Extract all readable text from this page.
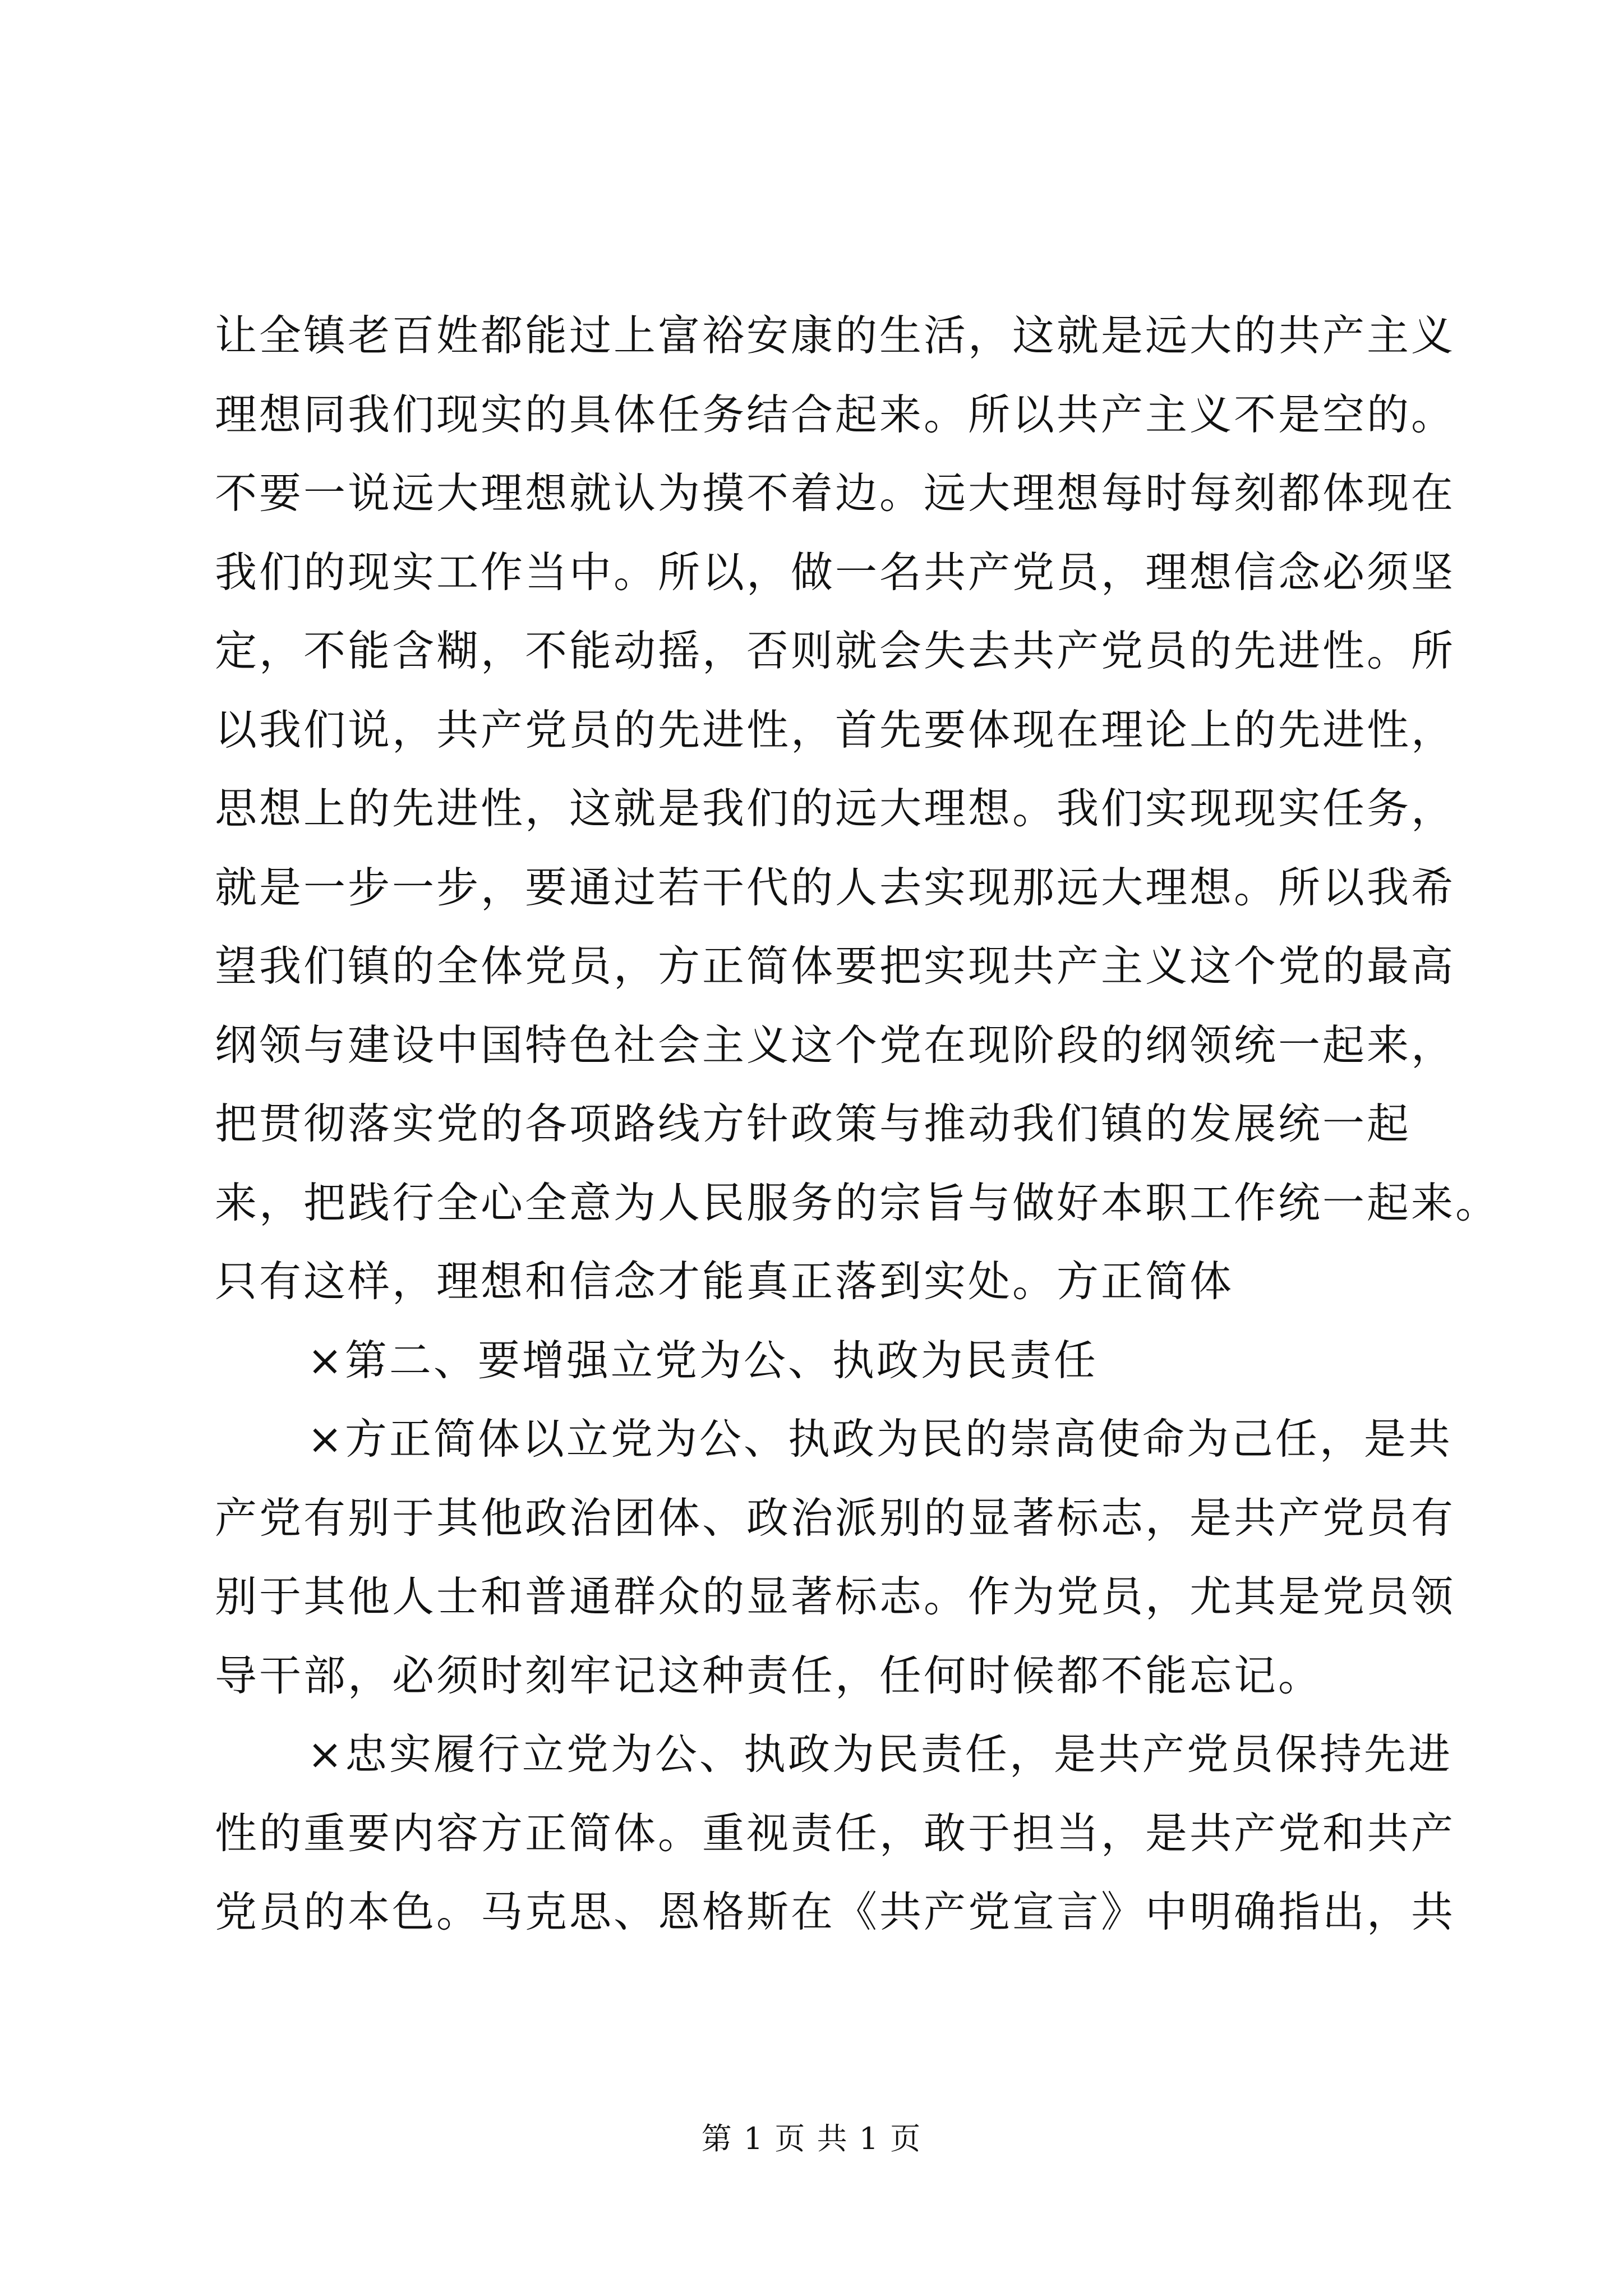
让全镇老百姓都能过上富裕安康的生活，这就是远大的共产主义
理想同我们现实的具体任务结合起来。所以共产主义不是空的。
不要一说远大理想就认为摸不着边。远大理想每时每刻都体现在
我们的现实工作当中。所以，做一名共产党员，理想信念必须坚
定，不能含糊，不能动摇，否则就会失去共产党员的先进性。所
以我们说，共产党员的先进性，首先要体现在理论上的先进性，
思想上的先进性，这就是我们的远大理想。我们实现现实任务，
就是一步一步，要通过若干代的人去实现那远大理想。所以我希
望我们镇的全体党员，方正简体要把实现共产主义这个党的最高
纲领与建设中国特色社会主义这个党在现阶段的纲领统一起来，
把贯彻落实党的各项路线方针政策与推动我们镇的发展统一起
来，把践行全心全意为人民服务的宗旨与做好本职工作统一起来。
只有这样，理想和信念才能真正落到实处。方正简体
×第二、要增强立党为公、执政为民责任
×方正简体以立党为公、执政为民的崇高使命为己任，是共
产党有别于其他政治团体、政治派别的显著标志，是共产党员有
别于其他人士和普通群众的显著标志。作为党员，尤其是党员领
导干部，必须时刻牢记这种责任，任何时候都不能忘记。
×忠实履行立党为公、执政为民责任，是共产党员保持先进
性的重要内容方正简体。重视责任，敢于担当，是共产党和共产
党员的本色。马克思、恩格斯在《共产党宣言》中明确指出，共
第 1 页 共 1 页
